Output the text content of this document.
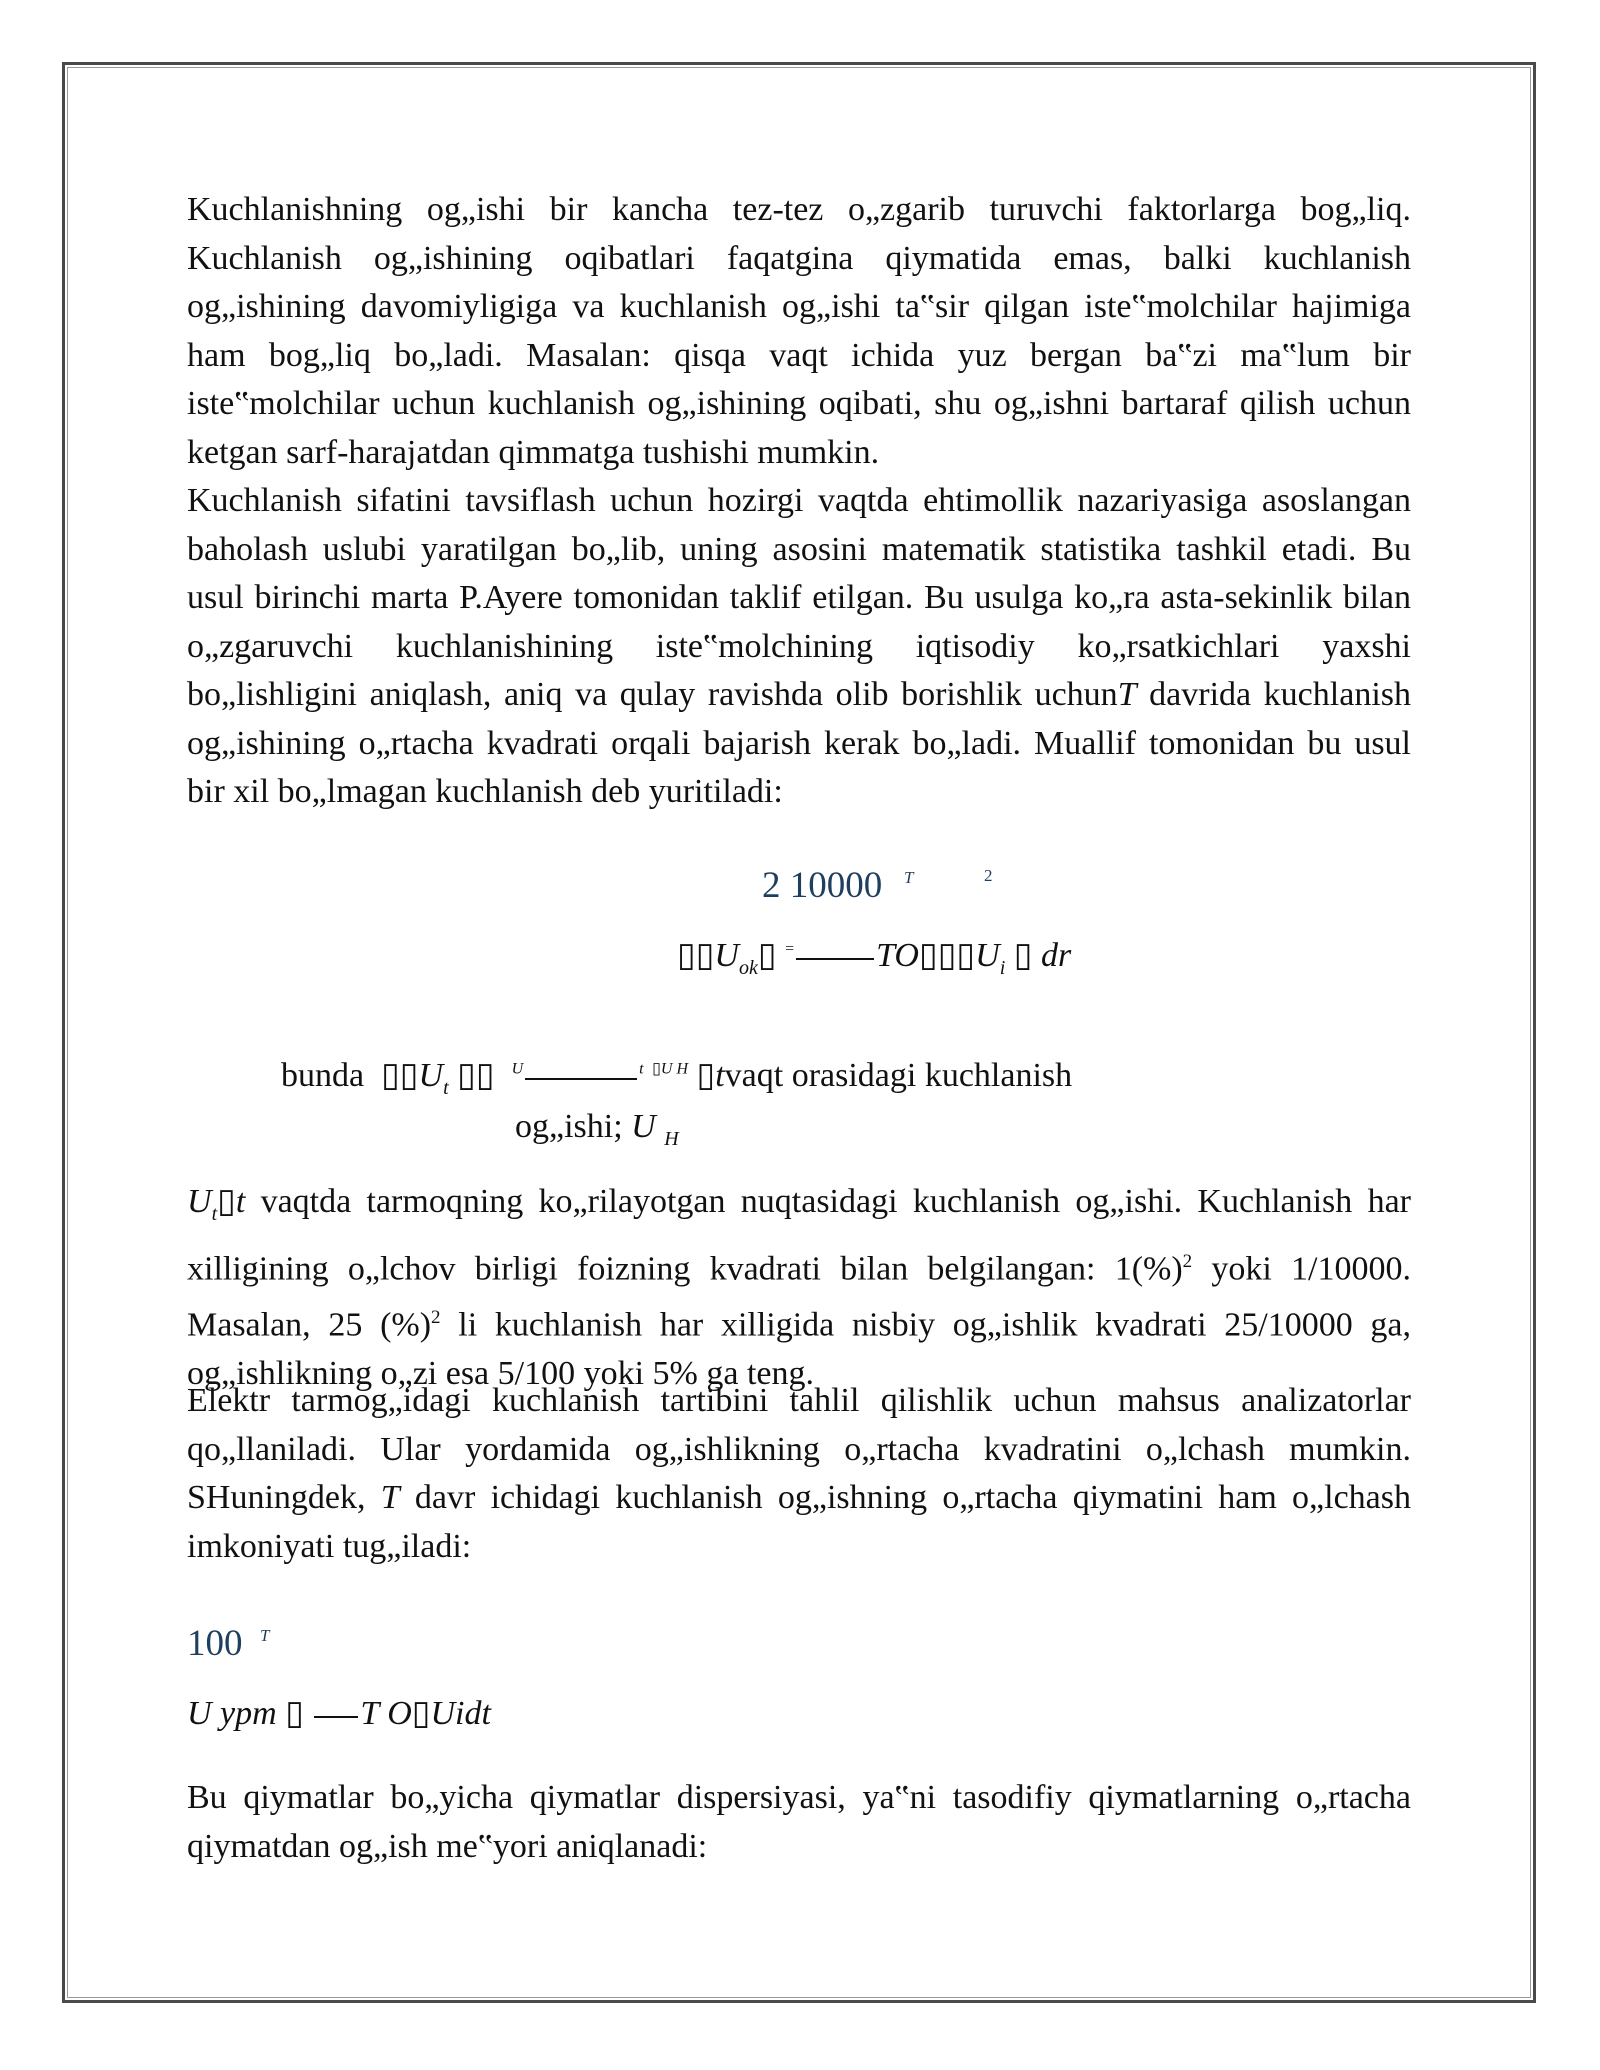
Kuchlanishning og„ishi bir kancha tez-tez o„zgarib turuvchi faktorlarga bog„liq. Kuchlanish og„ishining oqibatlari faqatgina qiymatida emas, balki kuchlanish og„ishining davomiyligiga va kuchlanish og„ishi ta‟sir qilgan iste‟molchilar hajimiga ham bog„liq bo„ladi. Masalan: qisqa vaqt ichida yuz bergan ba‟zi ma‟lum bir iste‟molchilar uchun kuchlanish og„ishining oqibati, shu og„ishni bartaraf qilish uchun ketgan sarf-harajatdan qimmatga tushishi mumkin.

Kuchlanish sifatini tavsiflash uchun hozirgi vaqtda ehtimollik nazariyasiga asoslangan baholash uslubi yaratilgan bo„lib, uning asosini matematik statistika tashkil etadi. Bu usul birinchi marta P.Ayere tomonidan taklif etilgan. Bu usulga ko„ra asta-sekinlik bilan o„zgaruvchi kuchlanishining iste‟molchining iqtisodiy ko„rsatkichlari yaxshi bo„lishligini aniqlash, aniq va qulay ravishda olib borishlik uchunT davrida kuchlanish og„ishining o„rtacha kvadrati orqali bajarish kerak bo„ladi. Muallif tomonidan bu usul bir xil bo„lmagan kuchlanish deb yuritiladi:

2 10000 T	2
$▯▯U_{ok}▯$ = $TO▯▯▯U_i$ ▯ dr
bunda $▯▯U_t$ ▯▯ $^U$	$^t$ $^{▯U H}$ ▯tvaqt orasidagi kuchlanish
og„ishi; U $_H$

$U_t▯t$ vaqtda tarmoqning ko„rilayotgan nuqtasidagi kuchlanish og„ishi. Kuchlanish har xilligining o„lchov birligi foizning kvadrati bilan belgilangan: 1(%)$^2$ yoki 1/10000. Masalan, 25 (%)$^2$ li kuchlanish har xilligida nisbiy og„ishlik kvadrati 25/10000 ga, og„ishlikning o„zi esa 5/100 yoki 5% ga teng.

Elektr tarmog„idagi kuchlanish tartibini tahlil qilishlik uchun mahsus analizatorlar qo„llaniladi. Ular yordamida og„ishlikning o„rtacha kvadratini o„lchash mumkin. SHuningdek, T davr ichidagi kuchlanish og„ishning o„rtacha qiymatini ham o„lchash imkoniyati tug„iladi:

100 T
U ypm ▯ T O▯Uidt

Bu qiymatlar bo„yicha qiymatlar dispersiyasi, ya‟ni tasodifiy qiymatlarning o„rtacha qiymatdan og„ish me‟yori aniqlanadi:
